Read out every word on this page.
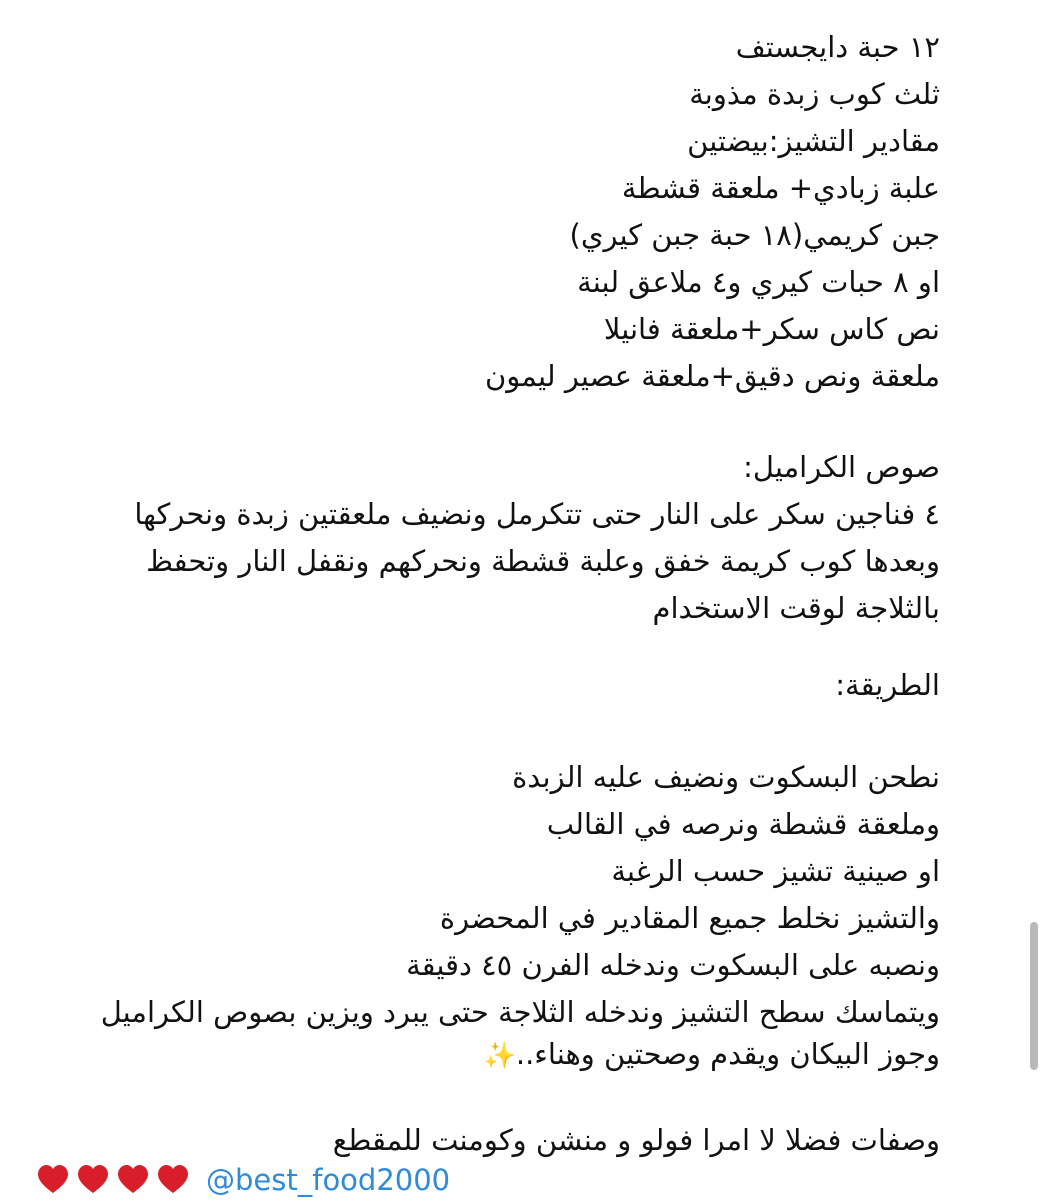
١٢ حبة دايجستف
ثلث كوب زبدة مذوبة
مقادير التشيز:بيضتين
علبة زبادي+ ملعقة قشطة
جبن كريمي(١٨ حبة جبن كيري)
او ٨ حبات كيري و٤ ملاعق لبنة
نص كاس سكر+ملعقة فانيلا
ملعقة ونص دقيق+ملعقة عصير ليمون
صوص الكراميل:
٤ فناجين سكر على النار حتى تتكرمل ونضيف ملعقتين زبدة ونحركها
وبعدها كوب كريمة خفق وعلبة قشطة ونحركهم ونقفل النار وتحفظ
بالثلاجة لوقت الاستخدام
الطريقة:
نطحن البسكوت ونضيف عليه الزبدة
وملعقة قشطة ونرصه في القالب
او صينية تشيز حسب الرغبة
والتشيز نخلط جميع المقادير في المحضرة
ونصبه على البسكوت وندخله الفرن ٤٥ دقيقة
ويتماسك سطح التشيز وندخله الثلاجة حتى يبرد ويزين بصوص الكراميل
وجوز البيكان ويقدم وصحتين وهناء..✨
وصفات فضلا لا امرا فولو و منشن وكومنت للمقطع
@best_food2000
